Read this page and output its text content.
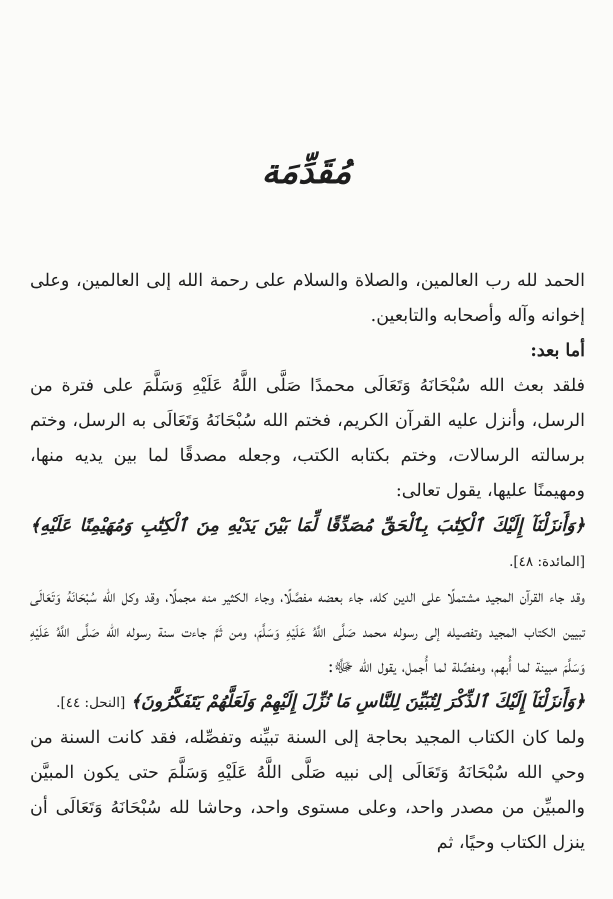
مُقَدِّمَة

الحمد لله رب العالمين، والصلاة والسلام على رحمة الله إلى العالمين، وعلى إخوانه وآله وأصحابه والتابعين.

أما بعد:

فلقد بعث الله سُبْحَانَهُ وَتَعَالَى محمدًا صَلَّى اللَّهُ عَلَيْهِ وَسَلَّمَ على فترة من الرسل، وأنزل عليه القرآن الكريم، فختم الله سُبْحَانَهُ وَتَعَالَى به الرسل، وختم برسالته الرسالات، وختم بكتابه الكتب، وجعله مصدقًا لما بين يديه منها، ومهيمنًا عليها، يقول تعالى:

﴿وَأَنزَلْنَآ إِلَيْكَ ٱلْكِتَٰبَ بِٱلْحَقِّ مُصَدِّقًا لِّمَا بَيْنَ يَدَيْهِ مِنَ ٱلْكِتَٰبِ وَمُهَيْمِنًا عَلَيْهِ﴾ [المائدة: ٤٨].

وقد جاء القرآن المجيد مشتملًا على الدين كله، جاء بعضه مفصَّلًا، وجاء الكثير منه مجملًا، وقد وكل الله سُبْحَانَهُ وَتَعَالَى تبيين الكتاب المجيد وتفصيله إلى رسوله محمد صَلَّى اللَّهُ عَلَيْهِ وَسَلَّمَ، ومن ثَمَّ جاءت سنة رسوله الله صَلَّى اللَّهُ عَلَيْهِ وَسَلَّمَ مبينة لما أُبهم، ومفصِّلة لما أُجمل، يقول الله ﷻ:

﴿وَأَنزَلْنَآ إِلَيْكَ ٱلذِّكْرَ لِتُبَيِّنَ لِلنَّاسِ مَا نُزِّلَ إِلَيْهِمْ وَلَعَلَّهُمْ يَتَفَكَّرُونَ﴾ [النحل: ٤٤].

ولما كان الكتاب المجيد بحاجة إلى السنة تبيِّنه وتفصِّله، فقد كانت السنة من وحي الله سُبْحَانَهُ وَتَعَالَى إلى نبيه صَلَّى اللَّهُ عَلَيْهِ وَسَلَّمَ حتى يكون المبيَّن والمبيِّن من مصدر واحد، وعلى مستوى واحد، وحاشا لله سُبْحَانَهُ وَتَعَالَى أن ينزل الكتاب وحيًا، ثم
